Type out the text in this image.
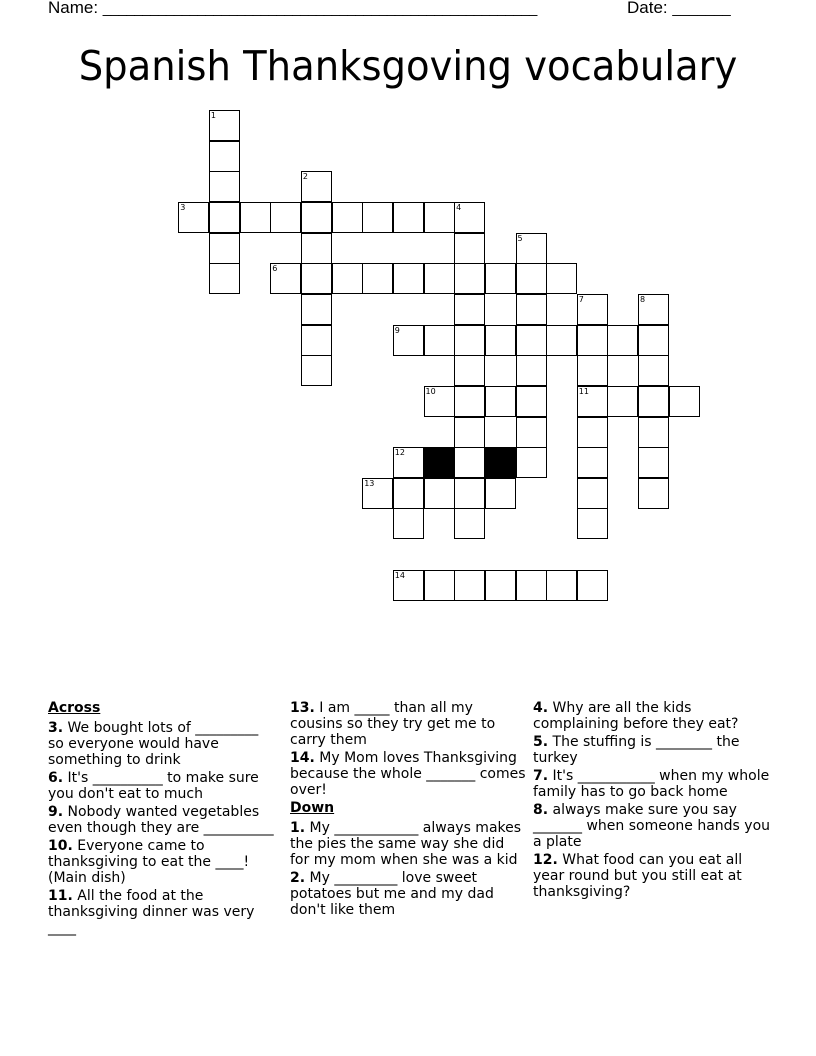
Name: _______________________________________________________	Date: _______
Spanish Thanksgoving vocabulary
3
6
9
10	11
13
14
1
2
4
5
7	8
12
Across
3. We bought lots of _________ so everyone would have something to drink
6. It's __________ to make sure you don't eat to much
9. Nobody wanted vegetables even though they are __________
10. Everyone came to thanksgiving to eat the ____! (Main dish)
11. All the food at the thanksgiving dinner was very ____
13. I am _____ than all my cousins so they try get me to carry them
14. My Mom loves Thanksgiving because the whole _______ comes over!
Down
1. My ____________ always makes the pies the same way she did for my mom when she was a kid
2. My _________ love sweet potatoes but me and my dad don't like them
4. Why are all the kids complaining before they eat?
5. The stuffing is ________ the turkey
7. It's ___________ when my whole family has to go back home
8. always make sure you say _______ when someone hands you a plate
12. What food can you eat all year round but you still eat at thanksgiving?
